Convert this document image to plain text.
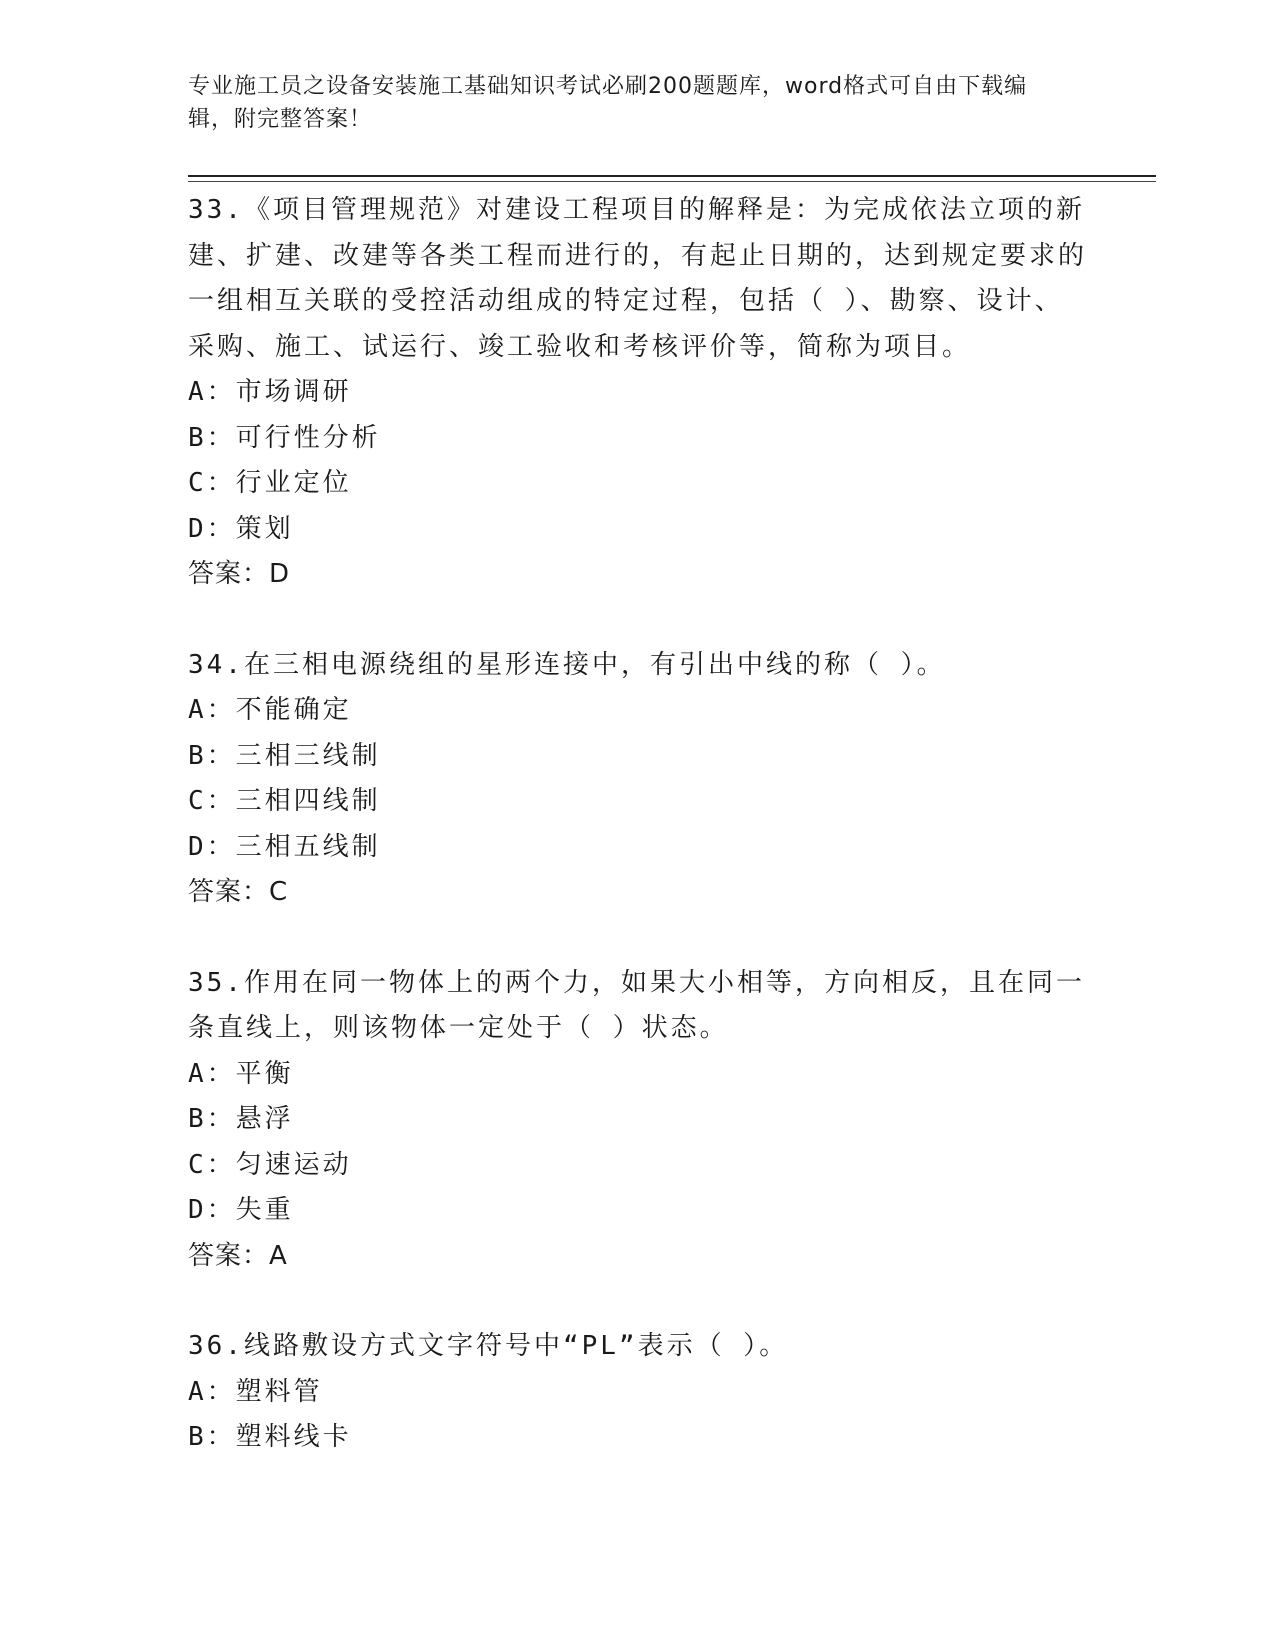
专业施工员之设备安装施工基础知识考试必刷200题题库，word格式可自由下载编辑，附完整答案！
33.《项目管理规范》对建设工程项目的解释是：为完成依法立项的新建、扩建、改建等各类工程而进行的，有起止日期的，达到规定要求的一组相互关联的受控活动组成的特定过程，包括（ ）、勘察、设计、采购、施工、试运行、竣工验收和考核评价等，简称为项目。
A：市场调研
B：可行性分析
C：行业定位
D：策划
答案：D
34.在三相电源绕组的星形连接中，有引出中线的称（ ）。
A：不能确定
B：三相三线制
C：三相四线制
D：三相五线制
答案：C
35.作用在同一物体上的两个力，如果大小相等，方向相反，且在同一条直线上，则该物体一定处于（ ）状态。
A：平衡
B：悬浮
C：匀速运动
D：失重
答案：A
36.线路敷设方式文字符号中“PL”表示（ ）。
A：塑料管
B：塑料线卡
